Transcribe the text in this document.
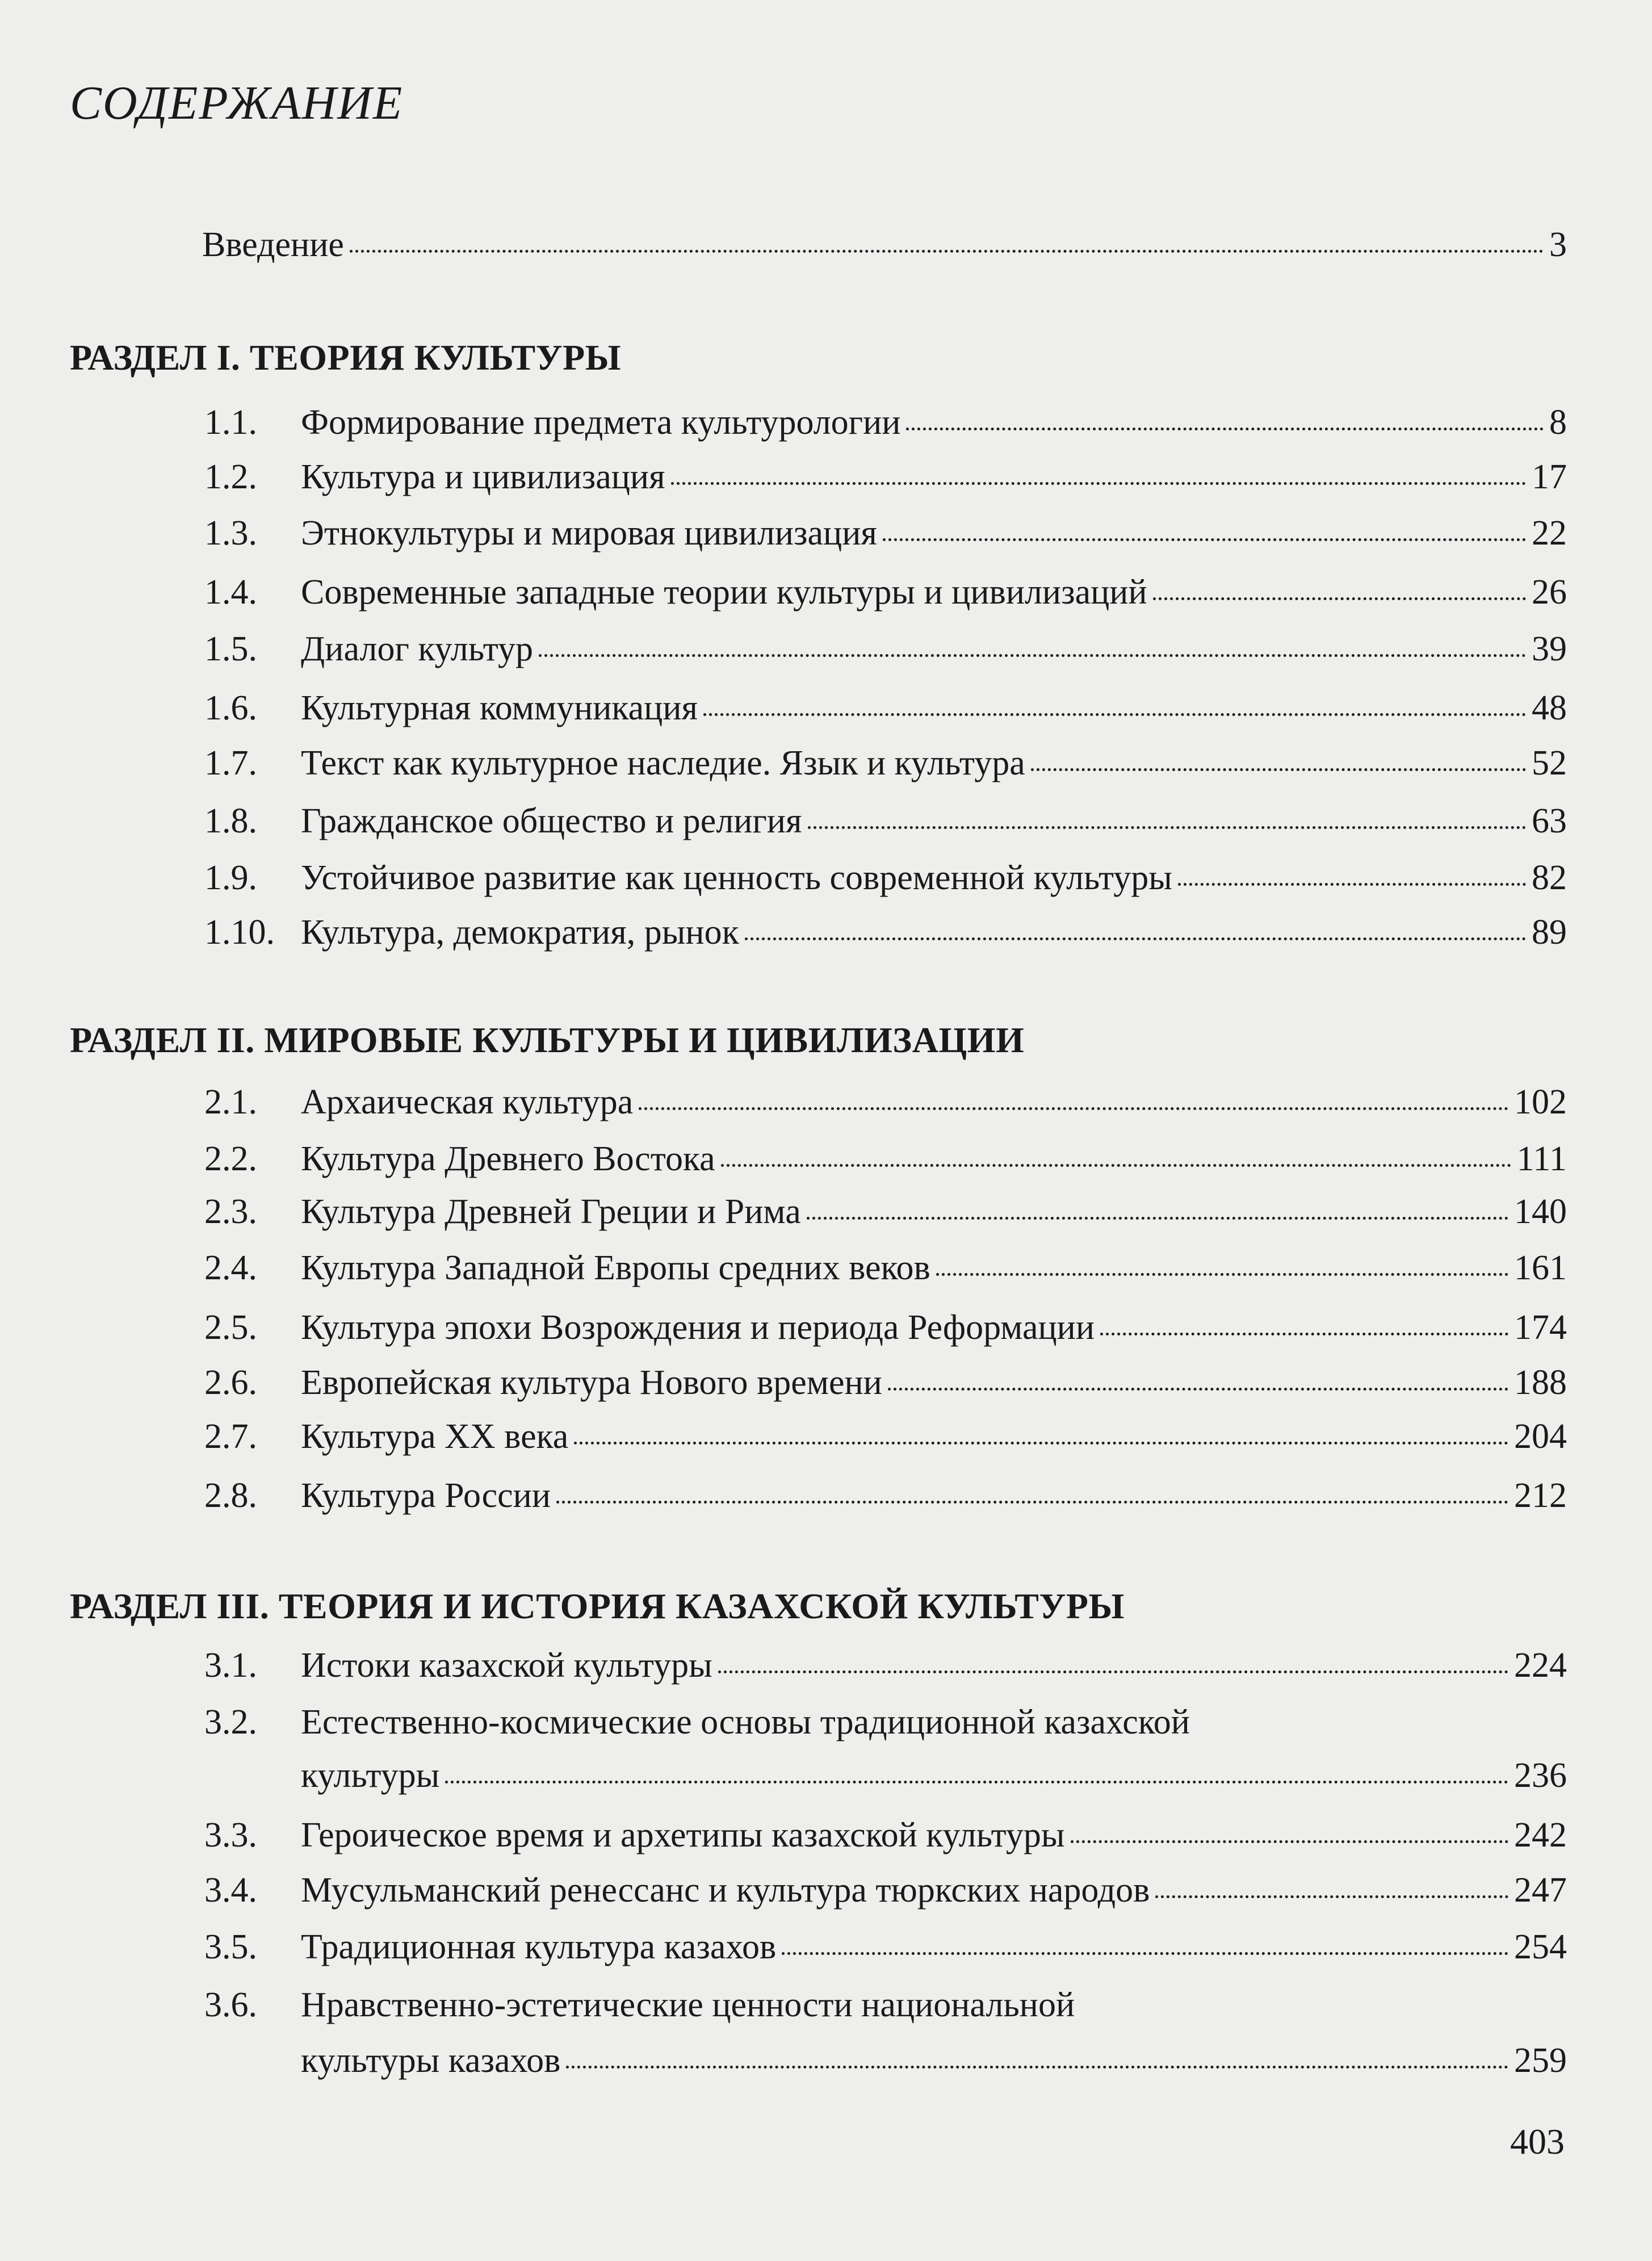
СОДЕРЖАНИЕ
Введение	3
РАЗДЕЛ I. ТЕОРИЯ КУЛЬТУРЫ
1.1. Формирование предмета культурологии	8
1.2. Культура и цивилизация	17
1.3. Этнокультуры и мировая цивилизация	22
1.4. Современные западные теории культуры и цивилизаций	26
1.5. Диалог культур	39
1.6. Культурная коммуникация	48
1.7. Текст как культурное наследие. Язык и культура	52
1.8. Гражданское общество и религия	63
1.9. Устойчивое развитие как ценность современной культуры	82
1.10. Культура, демократия, рынок	89
РАЗДЕЛ II. МИРОВЫЕ КУЛЬТУРЫ И ЦИВИЛИЗАЦИИ
2.1. Архаическая культура	102
2.2. Культура Древнего Востока	111
2.3. Культура Древней Греции и Рима	140
2.4. Культура Западной Европы средних веков	161
2.5. Культура эпохи Возрождения и периода Реформации	174
2.6. Европейская культура Нового времени	188
2.7. Культура XX века	204
2.8. Культура России	212
РАЗДЕЛ III. ТЕОРИЯ И ИСТОРИЯ КАЗАХСКОЙ КУЛЬТУРЫ
3.1. Истоки казахской культуры	224
3.2. Естественно-космические основы традиционной казахской
культуры	236
3.3. Героическое время и архетипы казахской культуры	242
3.4. Мусульманский ренессанс и культура тюркских народов	247
3.5. Традиционная культура казахов	254
3.6. Нравственно-эстетические ценности национальной
культуры казахов	259
403
